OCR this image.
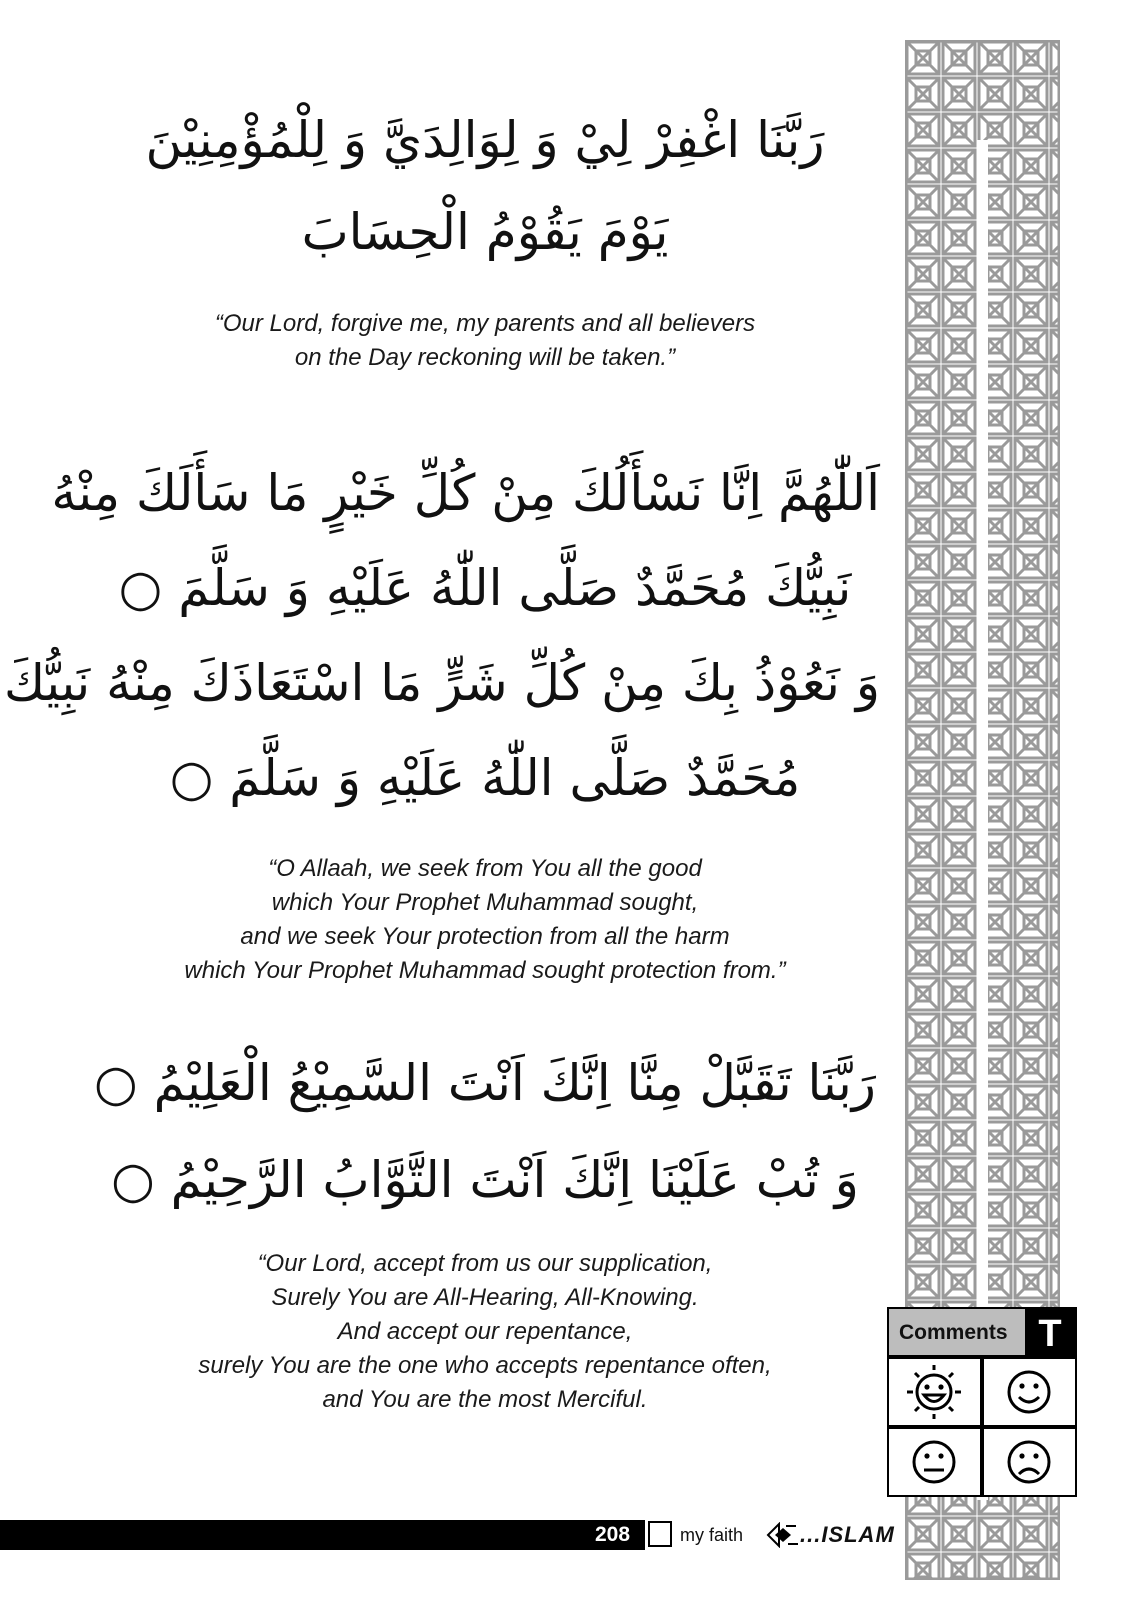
رَبَّنَا اغْفِرْ لِيْ وَ لِوَالِدَيَّ وَ لِلْمُؤْمِنِيْنَ
يَوْمَ يَقُوْمُ الْحِسَابَ
“Our Lord, forgive me, my parents and all believers
on the Day reckoning will be taken.”
اَللّٰهُمَّ اِنَّا نَسْأَلُكَ مِنْ كُلِّ خَيْرٍ مَا سَأَلَكَ مِنْهُ
نَبِيُّكَ مُحَمَّدٌ صَلَّى اللّٰهُ عَلَيْهِ وَ سَلَّمَ ○
وَ نَعُوْذُ بِكَ مِنْ كُلِّ شَرٍّ مَا اسْتَعَاذَكَ مِنْهُ نَبِيُّكَ
مُحَمَّدٌ صَلَّى اللّٰهُ عَلَيْهِ وَ سَلَّمَ ○
“O Allaah, we seek from You all the good
which Your Prophet Muhammad sought,
and we seek Your protection from all the harm
which Your Prophet Muhammad sought protection from.”
رَبَّنَا تَقَبَّلْ مِنَّا اِنَّكَ اَنْتَ السَّمِيْعُ الْعَلِيْمُ ○
وَ تُبْ عَلَيْنَا اِنَّكَ اَنْتَ التَّوَّابُ الرَّحِيْمُ ○
“Our Lord, accept from us our supplication,
Surely You are All-Hearing, All-Knowing.
And accept our repentance,
surely You are the one who accepts repentance often,
and You are the most Merciful.
Comments T
208	my faith	...ISLAM
